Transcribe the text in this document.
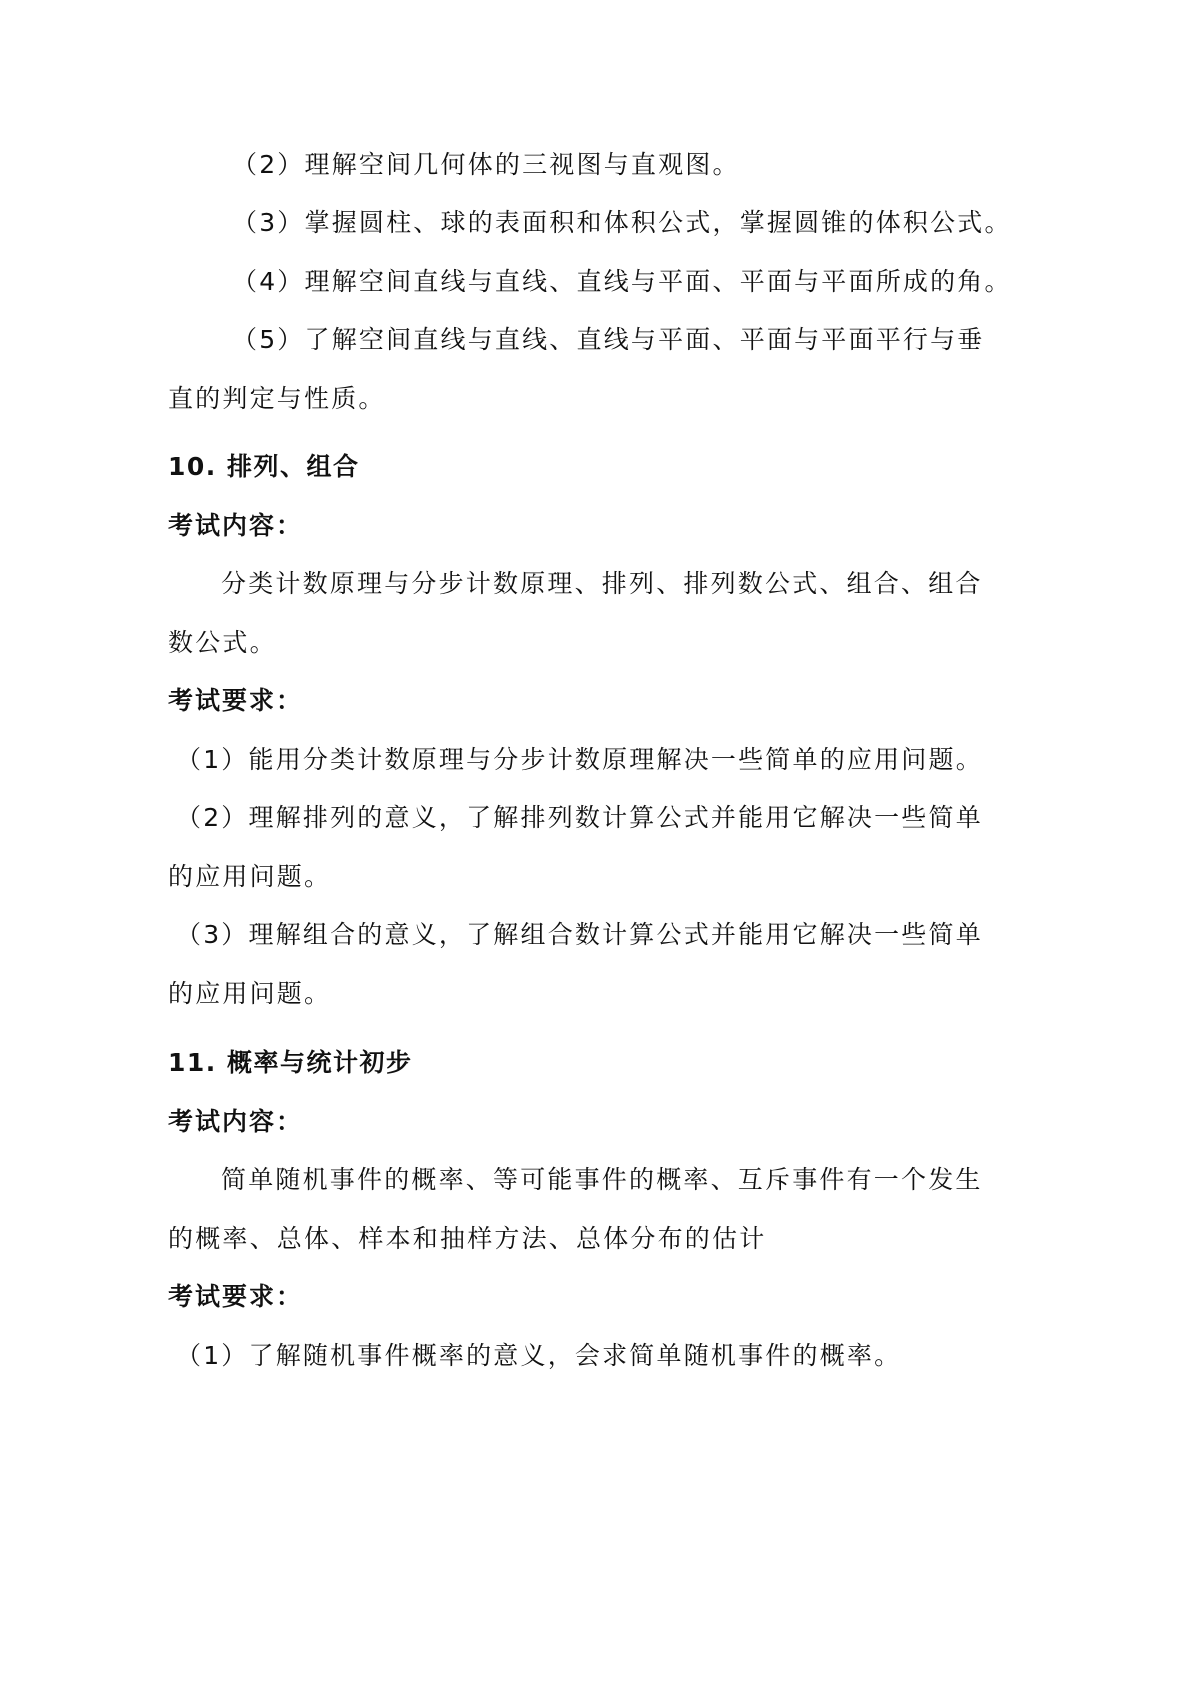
（2）理解空间几何体的三视图与直观图。
（3）掌握圆柱、球的表面积和体积公式，掌握圆锥的体积公式。
（4）理解空间直线与直线、直线与平面、平面与平面所成的角。
（5）了解空间直线与直线、直线与平面、平面与平面平行与垂
直的判定与性质。
10. 排列、组合
考试内容：
分类计数原理与分步计数原理、排列、排列数公式、组合、组合
数公式。
考试要求：
（1）能用分类计数原理与分步计数原理解决一些简单的应用问题。
（2）理解排列的意义，了解排列数计算公式并能用它解决一些简单
的应用问题。
（3）理解组合的意义，了解组合数计算公式并能用它解决一些简单
的应用问题。
11. 概率与统计初步
考试内容：
简单随机事件的概率、等可能事件的概率、互斥事件有一个发生
的概率、总体、样本和抽样方法、总体分布的估计
考试要求：
（1）了解随机事件概率的意义，会求简单随机事件的概率。
